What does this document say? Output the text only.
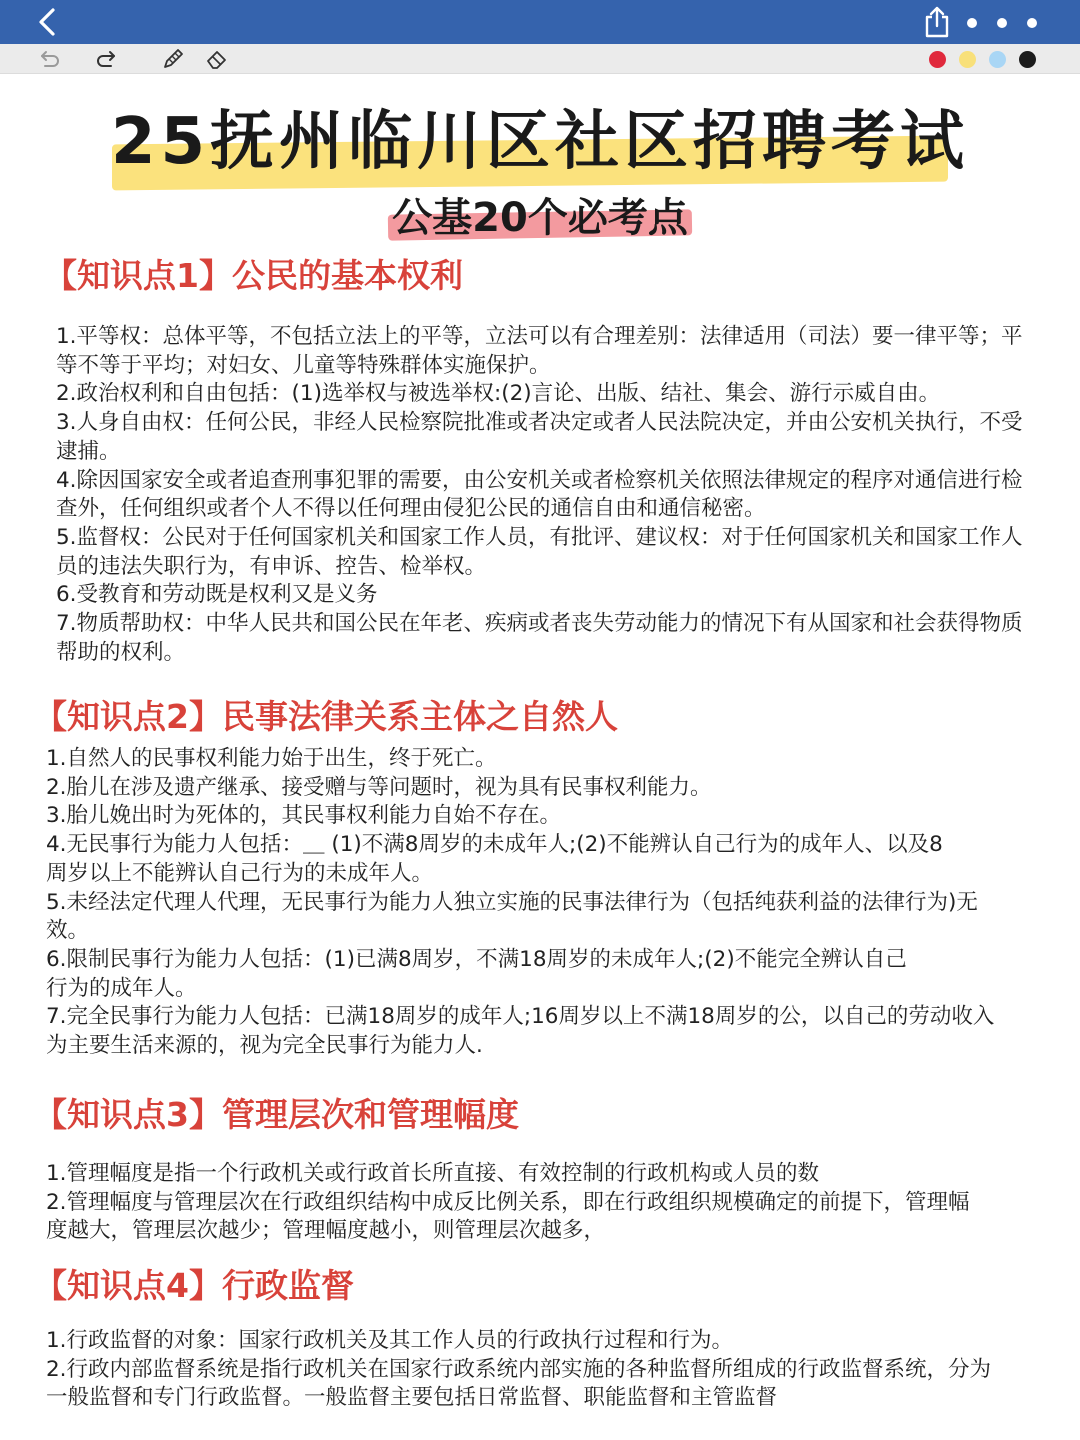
25抚州临川区社区招聘考试
公基20个必考点
【知识点1】公民的基本权利

1.平等权：总体平等，不包括立法上的平等，立法可以有合理差别：法律适用（司法）要一律平等；平等不等于平均；对妇女、儿童等特殊群体实施保护。

2.政治权利和自由包括：(1)选举权与被选举权:(2)言论、出版、结社、集会、游行示威自由。

3.人身自由权：任何公民，非经人民检察院批准或者决定或者人民法院决定，并由公安机关执行，不受逮捕。

4.除因国家安全或者追查刑事犯罪的需要，由公安机关或者检察机关依照法律规定的程序对通信进行检查外，任何组织或者个人不得以任何理由侵犯公民的通信自由和通信秘密。

5.监督权：公民对于任何国家机关和国家工作人员，有批评、建议权：对于任何国家机关和国家工作人员的违法失职行为，有申诉、控告、检举权。

6.受教育和劳动既是权利又是义务

7.物质帮助权：中华人民共和国公民在年老、疾病或者丧失劳动能力的情况下有从国家和社会获得物质帮助的权利。

【知识点2】民事法律关系主体之自然人

1.自然人的民事权利能力始于出生，终于死亡。

2.胎儿在涉及遗产继承、接受赠与等问题时，视为具有民事权利能力。

3.胎儿娩出时为死体的，其民事权利能力自始不存在。

4.无民事行为能力人包括：＿ (1)不满8周岁的未成年人;(2)不能辨认自己行为的成年人、以及8周岁以上不能辨认自己行为的未成年人。

5.未经法定代理人代理，无民事行为能力人独立实施的民事法律行为（包括纯获利益的法律行为)无效。

6.限制民事行为能力人包括：(1)已满8周岁，不满18周岁的未成年人;(2)不能完全辨认自己行为的成年人。

7.完全民事行为能力人包括：已满18周岁的成年人;16周岁以上不满18周岁的公，以自己的劳动收入为主要生活来源的，视为完全民事行为能力人.

【知识点3】管理层次和管理幅度

1.管理幅度是指一个行政机关或行政首长所直接、有效控制的行政机构或人员的数

2.管理幅度与管理层次在行政组织结构中成反比例关系，即在行政组织规模确定的前提下，管理幅度越大，管理层次越少；管理幅度越小，则管理层次越多，

【知识点4】行政监督

1.行政监督的对象：国家行政机关及其工作人员的行政执行过程和行为。

2.行政内部监督系统是指行政机关在国家行政系统内部实施的各种监督所组成的行政监督系统，分为一般监督和专门行政监督。一般监督主要包括日常监督、职能监督和主管监督
